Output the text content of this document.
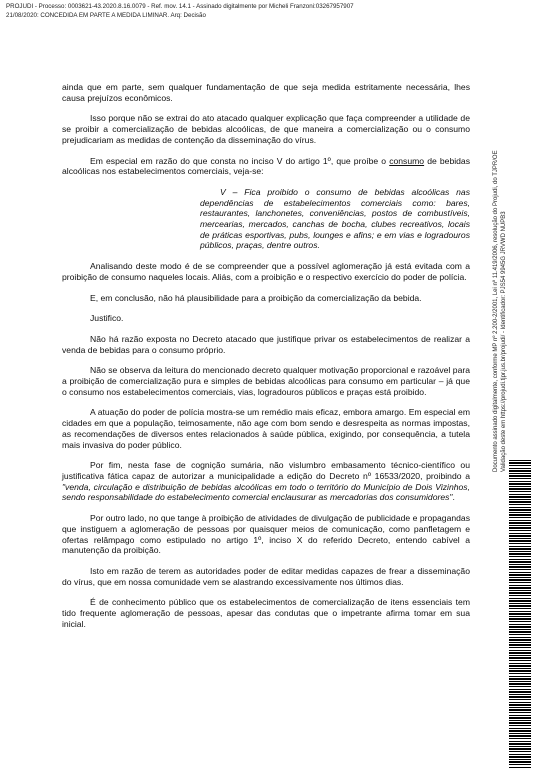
PROJUDI - Processo: 0003621-43.2020.8.16.0079 - Ref. mov. 14.1 - Assinado digitalmente por Micheli Franzoni:03267957907
21/08/2020: CONCEDIDA EM PARTE A MEDIDA LIMINAR. Arq: Decisão

ainda que em parte, sem qualquer fundamentação de que seja medida estritamente necessária, lhes causa prejuízos econômicos.

Isso porque não se extrai do ato atacado qualquer explicação que faça compreender a utilidade de se proibir a comercialização de bebidas alcoólicas, de que maneira a comercialização ou o consumo prejudicariam as medidas de contenção da disseminação do vírus.

Em especial em razão do que consta no inciso V do artigo 1º, que proíbe o consumo de bebidas alcoólicas nos estabelecimentos comerciais, veja-se:

V – Fica proibido o consumo de bebidas alcoólicas nas dependências de estabelecimentos comerciais como: bares, restaurantes, lanchonetes, conveniências, postos de combustíveis, mercearias, mercados, canchas de bocha, clubes recreativos, locais de práticas esportivas, pubs, lounges e afins; e em vias e logradouros públicos, praças, dentre outros.

Analisando deste modo é de se compreender que a possível aglomeração já está evitada com a proibição de consumo naqueles locais. Aliás, com a proibição e o respectivo exercício do poder de polícia.

E, em conclusão, não há plausibilidade para a proibição da comercialização da bebida.

Justifico.

Não há razão exposta no Decreto atacado que justifique privar os estabelecimentos de realizar a venda de bebidas para o consumo próprio.

Não se observa da leitura do mencionado decreto qualquer motivação proporcional e razoável para a proibição de comercialização pura e simples de bebidas alcoólicas para consumo em particular – já que o consumo nos estabelecimentos comerciais, vias, logradouros públicos e praças está proibido.

A atuação do poder de polícia mostra-se um remédio mais eficaz, embora amargo. Em especial em cidades em que a população, teimosamente, não age com bom sendo e desrespeita as normas impostas, as recomendações de diversos entes relacionados à saúde pública, exigindo, por consequência, a tutela mais invasiva do poder público.

Por fim, nesta fase de cognição sumária, não vislumbro embasamento técnico-científico ou justificativa fática capaz de autorizar a municipalidade a edição do Decreto nº 16533/2020, proibindo a "venda, circulação e distribuição de bebidas alcoólicas em todo o território do Município de Dois Vizinhos, sendo responsabilidade do estabelecimento comercial enclausurar as mercadorias dos consumidores".

Por outro lado, no que tange à proibição de atividades de divulgação de publicidade e propagandas que instiguem a aglomeração de pessoas por quaisquer meios de comunicação, como panfletagem e ofertas relâmpago como estipulado no artigo 1º, inciso X do referido Decreto, entendo cabível a manutenção da proibição.

Isto em razão de terem as autoridades poder de editar medidas capazes de frear a disseminação do vírus, que em nossa comunidade vem se alastrando excessivamente nos últimos dias.

É de conhecimento público que os estabelecimentos de comercialização de itens essenciais tem tido frequente aglomeração de pessoas, apesar das condutas que o impetrante afirma tomar em sua inicial.

Documento assinado digitalmente, conforme MP nº 2.200-2/2001, Lei nº 11.419/2006, resolução do Projudi, do TJPR/OE Validação deste em https://projudi.tjpr.jus.br/projudi/ - Identificador: PJS54 9945G JRVWD NUPB3
